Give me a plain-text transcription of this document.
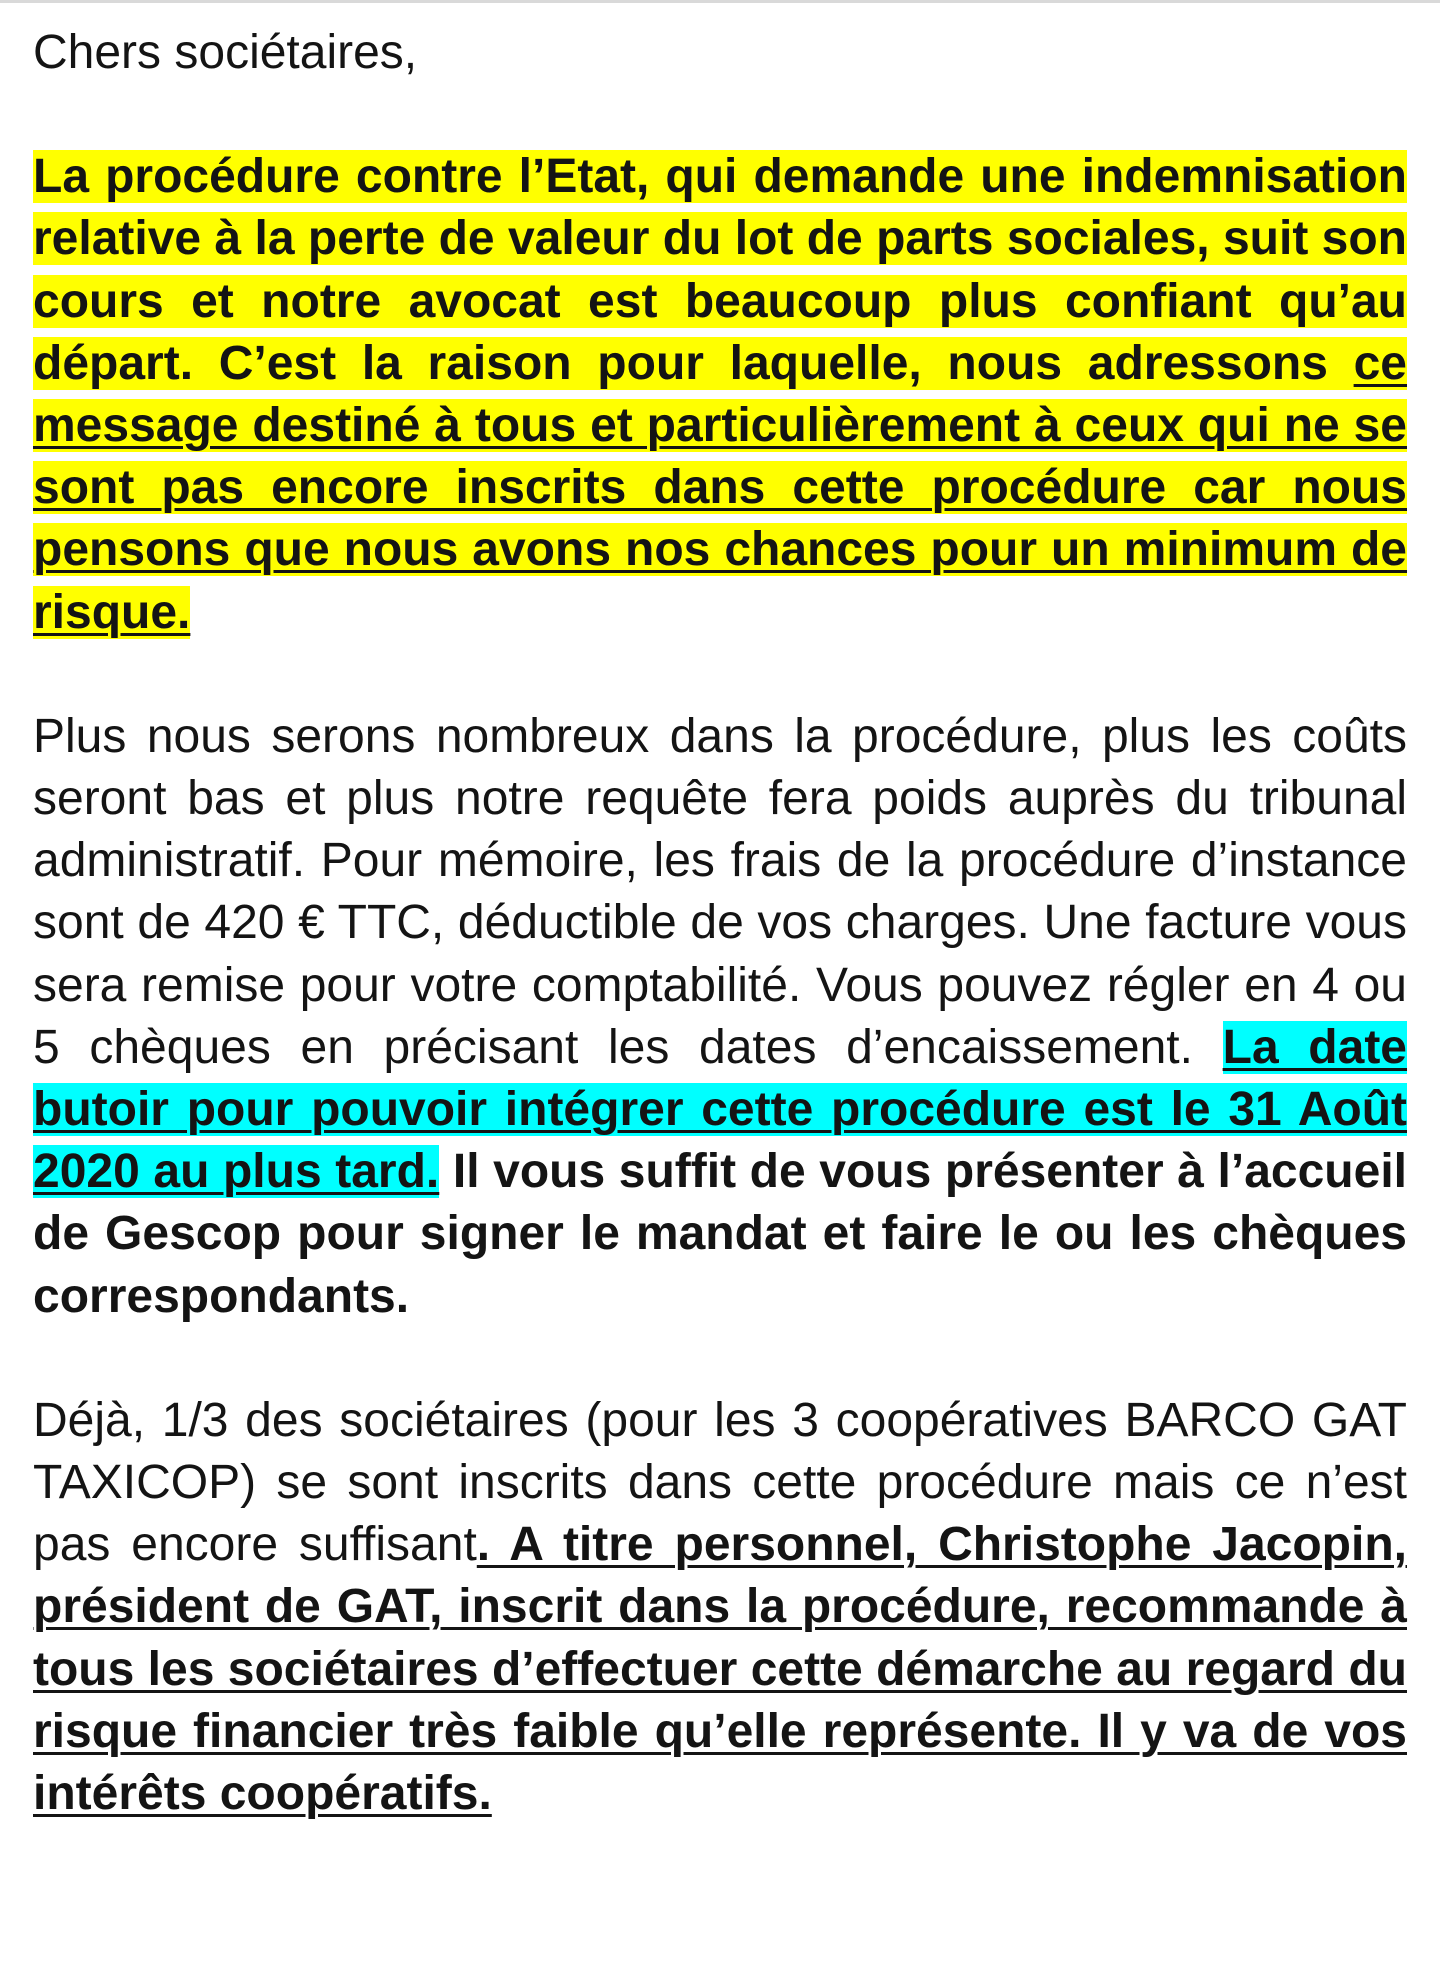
Chers sociétaires,

La procédure contre l’Etat, qui demande une indemnisation relative à la perte de valeur du lot de parts sociales, suit son cours et notre avocat est beaucoup plus confiant qu’au départ. C’est la raison pour laquelle, nous adressons ce message destiné à tous et particulièrement à ceux qui ne se sont pas encore inscrits dans cette procédure car nous pensons que nous avons nos chances pour un minimum de risque.

Plus nous serons nombreux dans la procédure, plus les coûts seront bas et plus notre requête fera poids auprès du tribunal administratif. Pour mémoire, les frais de la procédure d’instance sont de 420 € TTC, déductible de vos charges. Une facture vous sera remise pour votre comptabilité. Vous pouvez régler en 4 ou 5 chèques en précisant les dates d’encaissement. La date butoir pour pouvoir intégrer cette procédure est le 31 Août 2020 au plus tard. Il vous suffit de vous présenter à l’accueil de Gescop pour signer le mandat et faire le ou les chèques correspondants.

Déjà, 1/3 des sociétaires (pour les 3 coopératives BARCO GAT TAXICOP) se sont inscrits dans cette procédure mais ce n’est pas encore suffisant. A titre personnel, Christophe Jacopin, président de GAT, inscrit dans la procédure, recommande à tous les sociétaires d’effectuer cette démarche au regard du risque financier très faible qu’elle représente. Il y va de vos intérêts coopératifs.
